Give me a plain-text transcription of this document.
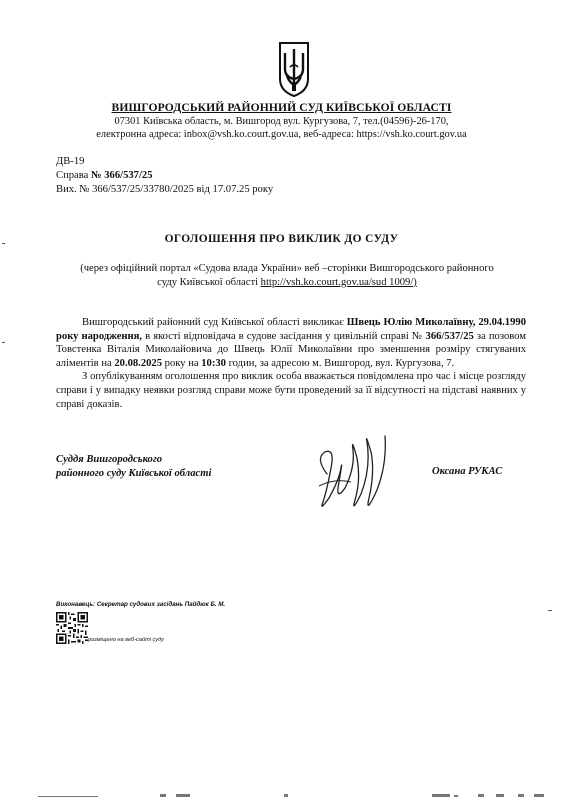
ВИШГОРОДСЬКИЙ РАЙОННИЙ СУД КИЇВСЬКОЇ ОБЛАСТІ
07301 Київська область, м. Вишгород вул. Кургузова, 7, тел.(04596)-26-170,
електронна адреса: inbox@vsh.ko.court.gov.ua, веб-адреса: https://vsh.ko.court.gov.ua
ДВ-19
Справа № 366/537/25
Вих. № 366/537/25/33780/2025 від 17.07.25 року
ОГОЛОШЕННЯ ПРО ВИКЛИК ДО СУДУ
(через офіційний портал «Судова влада України» веб –сторінки Вишгородського районного
суду Київської області http://vsh.ko.court.gov.ua/sud 1009/)

Вишгородський районний суд Київської області викликає Швець Юлію Миколаївну, 29.04.1990 року народження, в якості відповідача в судове засідання у цивільній справі № 366/537/25 за позовом Товстенка Віталія Миколайовича до Швець Юлії Миколаївни про зменшення розміру стягуваних аліментів на 20.08.2025 року на 10:30 годин, за адресою м. Вишгород, вул. Кургузова, 7.

З опублікуванням оголошення про виклик особа вважається повідомлена про час і місце розгляду справи і у випадку неявки розгляд справи може бути проведений за її відсутності на підставі наявних у справі доказів.

Суддя Вишгородського
районного суду Київської області	Оксана РУКАС
Виконавець: Секретар судових засідань Пайдюк Б. М.
розміщено на веб-сайті суду
